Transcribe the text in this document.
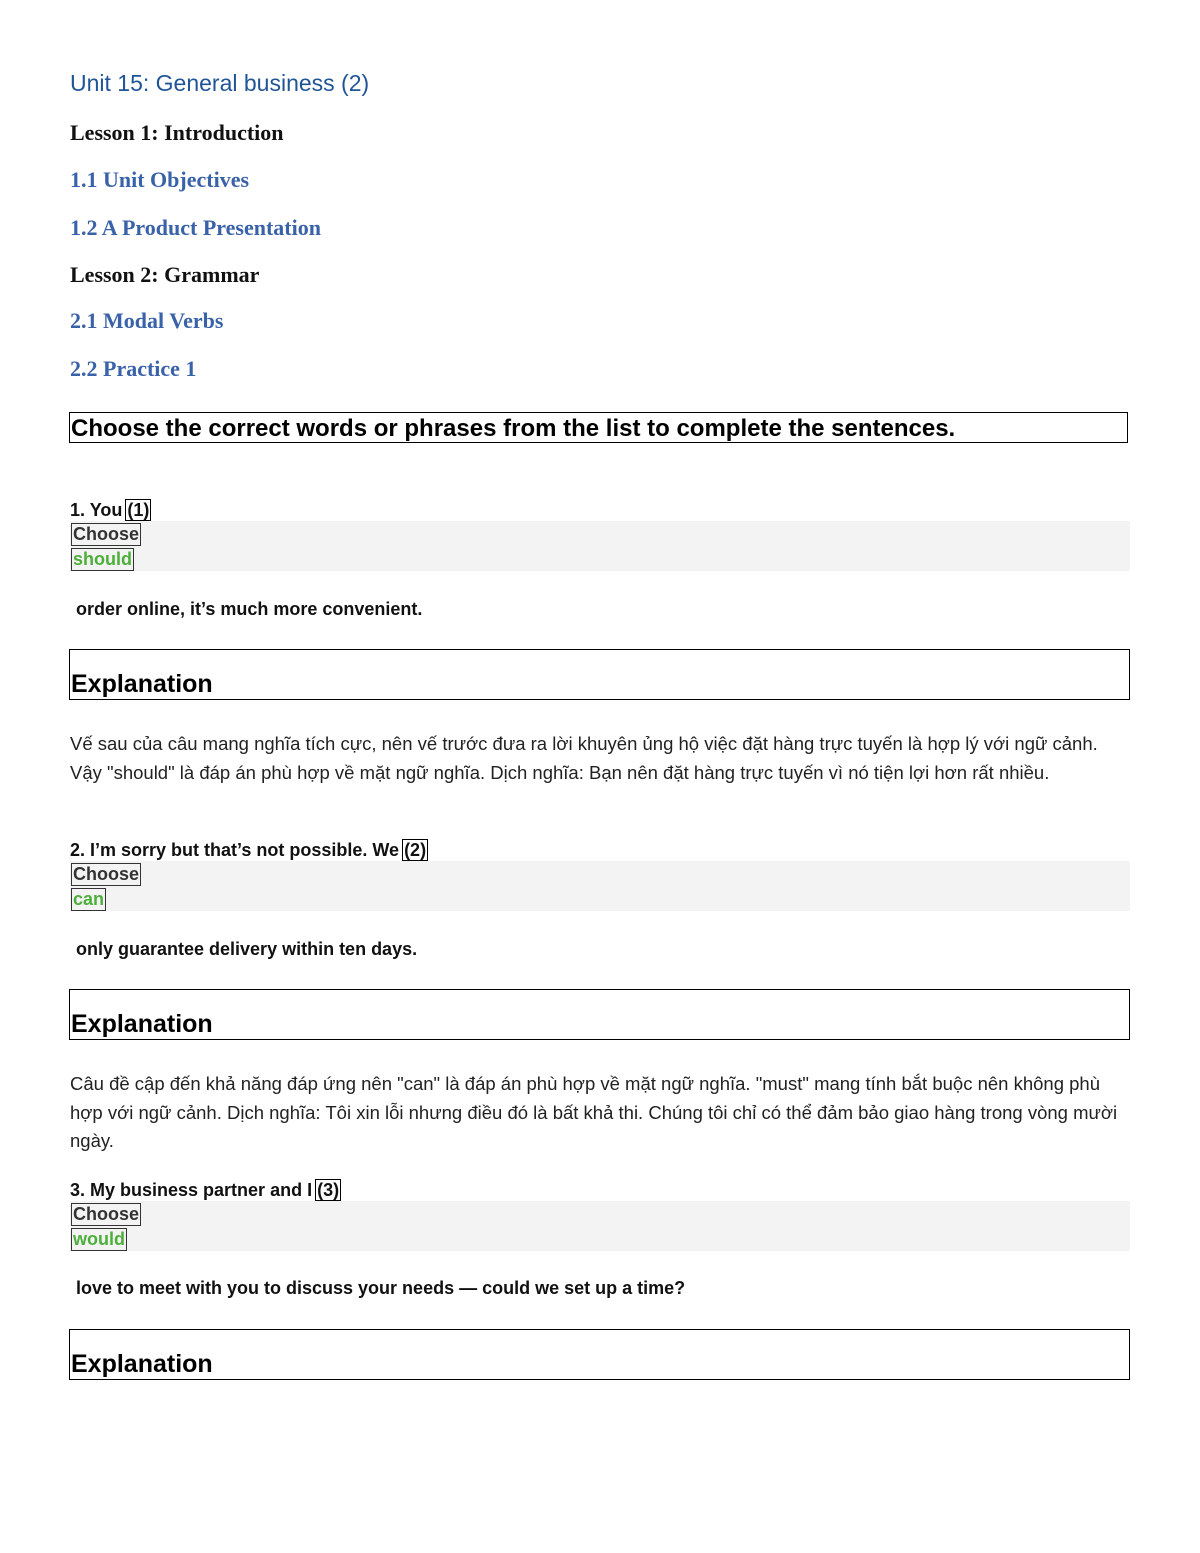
Unit 15: General business (2)
Lesson 1: Introduction
1.1 Unit Objectives
1.2 A Product Presentation
Lesson 2: Grammar
2.1 Modal Verbs
2.2 Practice 1
Choose the correct words or phrases from the list to complete the sentences.
1. You (1)
Choose
should
order online, it’s much more convenient.
Explanation
Vế sau của câu mang nghĩa tích cực, nên vế trước đưa ra lời khuyên ủng hộ việc đặt hàng trực tuyến là hợp lý với ngữ cảnh. Vậy "should" là đáp án phù hợp về mặt ngữ nghĩa. Dịch nghĩa: Bạn nên đặt hàng trực tuyến vì nó tiện lợi hơn rất nhiều.
2. I’m sorry but that’s not possible. We (2)
Choose
can
only guarantee delivery within ten days.
Explanation
Câu đề cập đến khả năng đáp ứng nên "can" là đáp án phù hợp về mặt ngữ nghĩa. "must" mang tính bắt buộc nên không phù hợp với ngữ cảnh. Dịch nghĩa: Tôi xin lỗi nhưng điều đó là bất khả thi. Chúng tôi chỉ có thể đảm bảo giao hàng trong vòng mười ngày.
3. My business partner and I (3)
Choose
would
love to meet with you to discuss your needs — could we set up a time?
Explanation
